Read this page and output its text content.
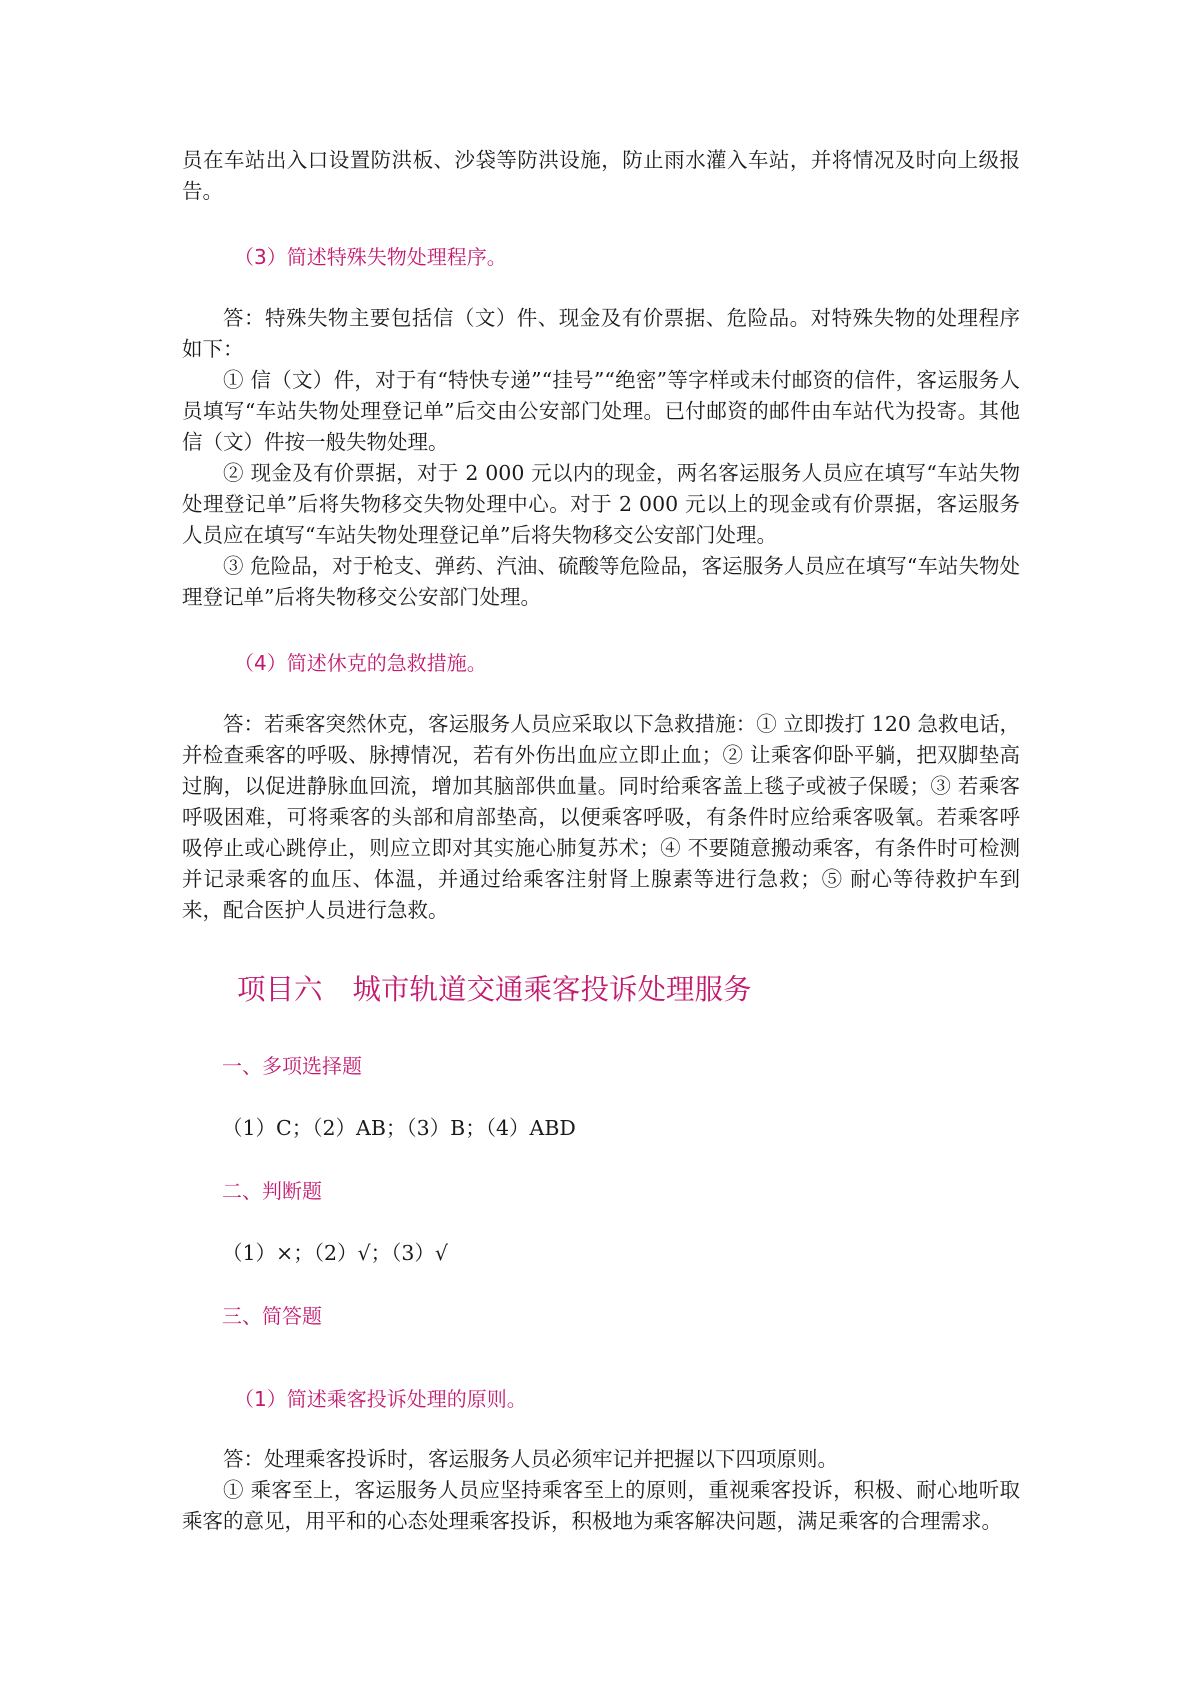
员在车站出入口设置防洪板、沙袋等防洪设施，防止雨水灌入车站，并将情况及时向上级报告。

（3）简述特殊失物处理程序。

答：特殊失物主要包括信（文）件、现金及有价票据、危险品。对特殊失物的处理程序如下：

① 信（文）件，对于有“特快专递”“挂号”“绝密”等字样或未付邮资的信件，客运服务人员填写“车站失物处理登记单”后交由公安部门处理。已付邮资的邮件由车站代为投寄。其他信（文）件按一般失物处理。

② 现金及有价票据，对于 2 000 元以内的现金，两名客运服务人员应在填写“车站失物处理登记单”后将失物移交失物处理中心。对于 2 000 元以上的现金或有价票据，客运服务人员应在填写“车站失物处理登记单”后将失物移交公安部门处理。

③ 危险品，对于枪支、弹药、汽油、硫酸等危险品，客运服务人员应在填写“车站失物处理登记单”后将失物移交公安部门处理。

（4）简述休克的急救措施。

答：若乘客突然休克，客运服务人员应采取以下急救措施：① 立即拨打 120 急救电话，并检查乘客的呼吸、脉搏情况，若有外伤出血应立即止血；② 让乘客仰卧平躺，把双脚垫高过胸，以促进静脉血回流，增加其脑部供血量。同时给乘客盖上毯子或被子保暖；③ 若乘客呼吸困难，可将乘客的头部和肩部垫高，以便乘客呼吸，有条件时应给乘客吸氧。若乘客呼吸停止或心跳停止，则应立即对其实施心肺复苏术；④ 不要随意搬动乘客，有条件时可检测并记录乘客的血压、体温，并通过给乘客注射肾上腺素等进行急救；⑤ 耐心等待救护车到来，配合医护人员进行急救。

项目六 城市轨道交通乘客投诉处理服务

一、多项选择题

（1）C；（2）AB；（3）B；（4）ABD

二、判断题

（1）×；（2）√；（3）√

三、简答题

（1）简述乘客投诉处理的原则。

答：处理乘客投诉时，客运服务人员必须牢记并把握以下四项原则。

① 乘客至上，客运服务人员应坚持乘客至上的原则，重视乘客投诉，积极、耐心地听取乘客的意见，用平和的心态处理乘客投诉，积极地为乘客解决问题，满足乘客的合理需求。
